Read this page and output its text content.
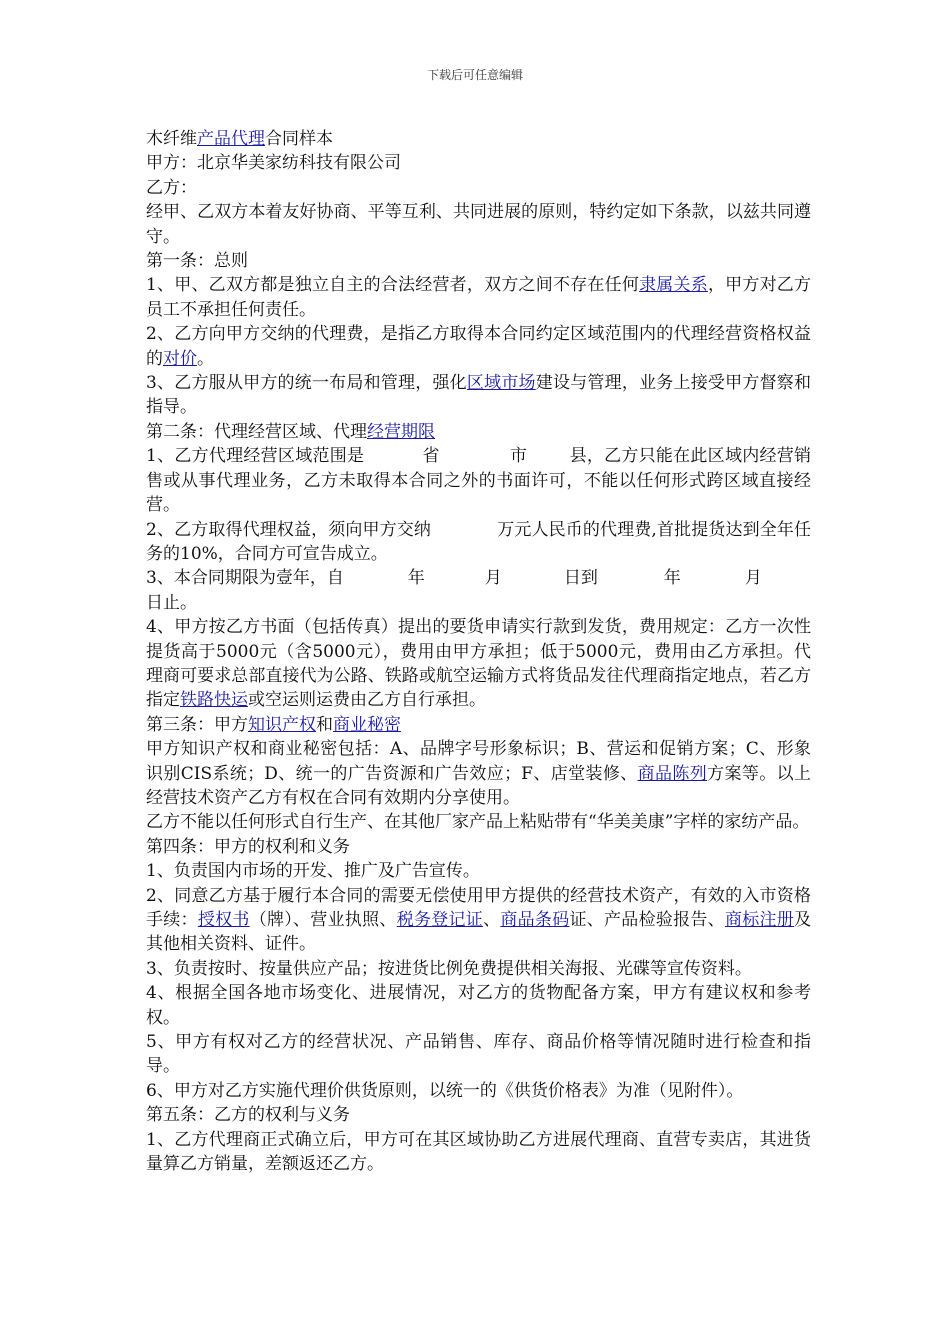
下载后可任意编辑

木纤维产品代理合同样本

甲方：北京华美家纺科技有限公司

乙方：

经甲、乙双方本着友好协商、平等互利、共同进展的原则，特约定如下条款，以兹共同遵守。

第一条：总则

1、甲、乙双方都是独立自主的合法经营者，双方之间不存在任何隶属关系，甲方对乙方员工不承担任何责任。

2、乙方向甲方交纳的代理费，是指乙方取得本合同约定区域范围内的代理经营资格权益的对价。

3、乙方服从甲方的统一布局和管理，强化区域市场建设与管理，业务上接受甲方督察和指导。

第二条：代理经营区域、代理经营期限

1、乙方代理经营区域范围是	省	市 县，乙方只能在此区域内经营销售或从事代理业务，乙方未取得本合同之外的书面许可，不能以任何形式跨区域直接经营。

2、乙方取得代理权益，须向甲方交纳	万元人民币的代理费,首批提货达到全年任务的10%，合同方可宣告成立。

3、本合同期限为壹年，自	年	月	日到	年	月
日止。

4、甲方按乙方书面（包括传真）提出的要货申请实行款到发货，费用规定：乙方一次性提货高于5000元（含5000元），费用由甲方承担；低于5000元，费用由乙方承担。代理商可要求总部直接代为公路、铁路或航空运输方式将货品发往代理商指定地点，若乙方指定铁路快运或空运则运费由乙方自行承担。

第三条：甲方知识产权和商业秘密

甲方知识产权和商业秘密包括：A、品牌字号形象标识；B、营运和促销方案；C、形象识别CIS系统；D、统一的广告资源和广告效应；F、店堂装修、商品陈列方案等。以上经营技术资产乙方有权在合同有效期内分享使用。

乙方不能以任何形式自行生产、在其他厂家产品上粘贴带有“华美美康”字样的家纺产品。

第四条：甲方的权利和义务

1、负责国内市场的开发、推广及广告宣传。

2、同意乙方基于履行本合同的需要无偿使用甲方提供的经营技术资产，有效的入市资格手续：授权书（牌）、营业执照、税务登记证、商品条码证、产品检验报告、商标注册及其他相关资料、证件。

3、负责按时、按量供应产品；按进货比例免费提供相关海报、光碟等宣传资料。

4、根据全国各地市场变化、进展情况，对乙方的货物配备方案，甲方有建议权和参考权。

5、甲方有权对乙方的经营状况、产品销售、库存、商品价格等情况随时进行检查和指导。

6、甲方对乙方实施代理价供货原则，以统一的《供货价格表》为准（见附件）。

第五条：乙方的权利与义务

1、乙方代理商正式确立后，甲方可在其区域协助乙方进展代理商、直营专卖店，其进货量算乙方销量，差额返还乙方。
